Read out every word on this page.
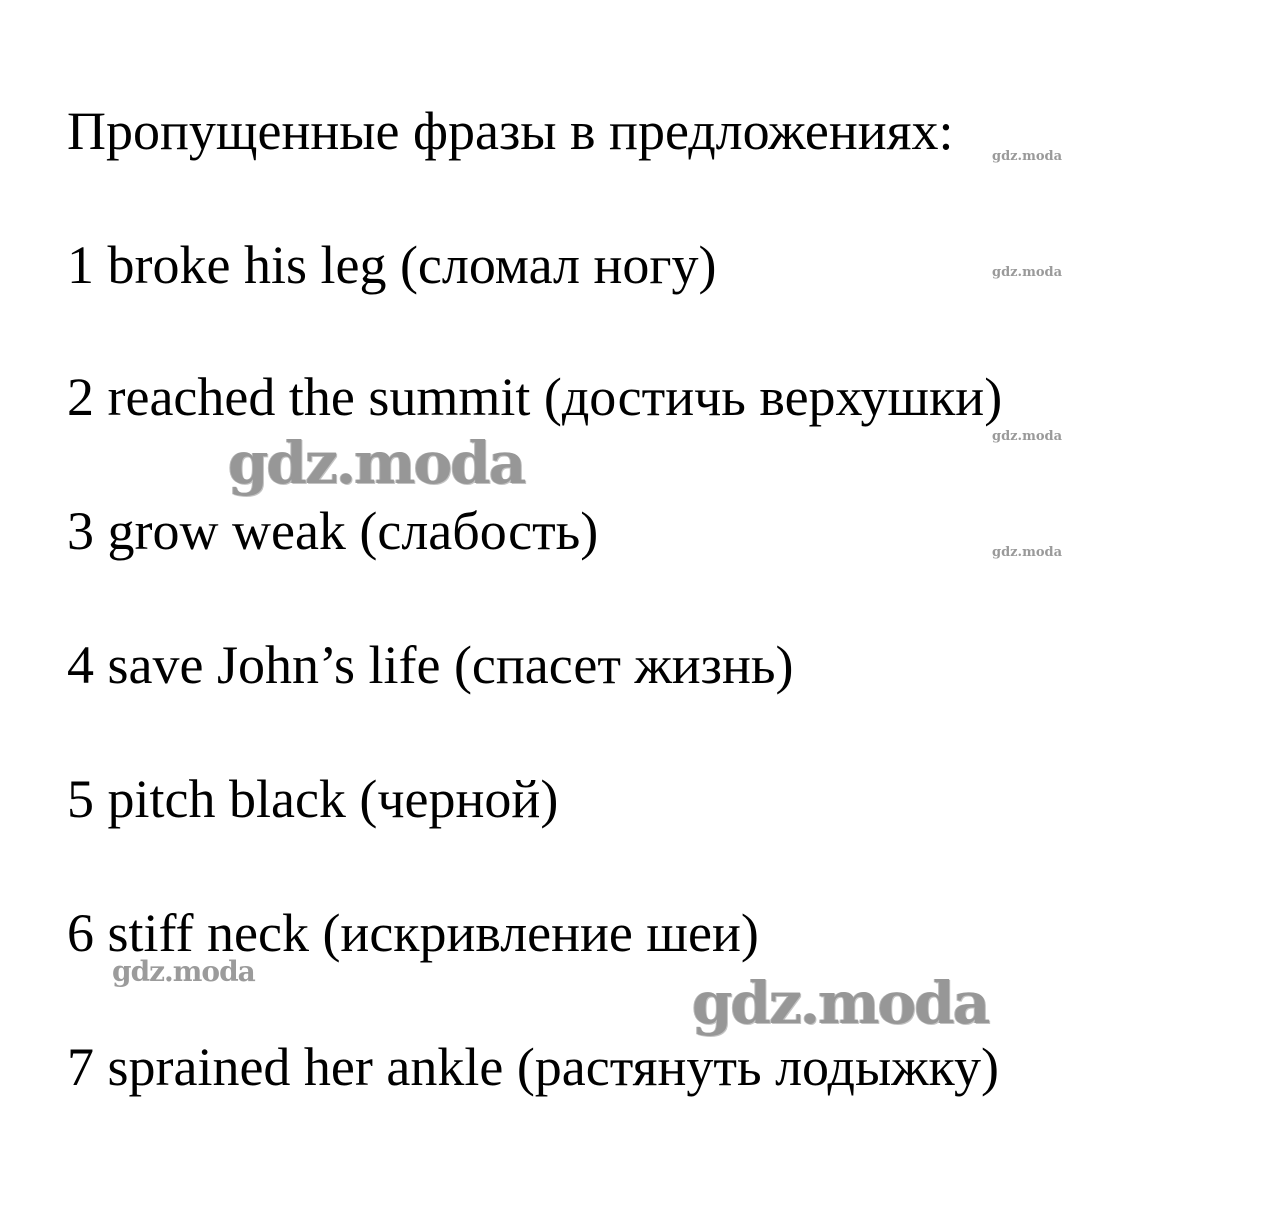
Пропущенные фразы в предложениях:

1 broke his leg (сломал ногу)

2 reached the summit (достичь верхушки)

3 grow weak (слабость)

4 save John’s life (спасет жизнь)

5 pitch black (черной)

6 stiff neck (искривление шеи)

7 sprained her ankle (растянуть лодыжку)

gdz.moda
gdz.moda
gdz.moda
gdz.moda
gdz.moda
gdz.moda	gdz.moda
